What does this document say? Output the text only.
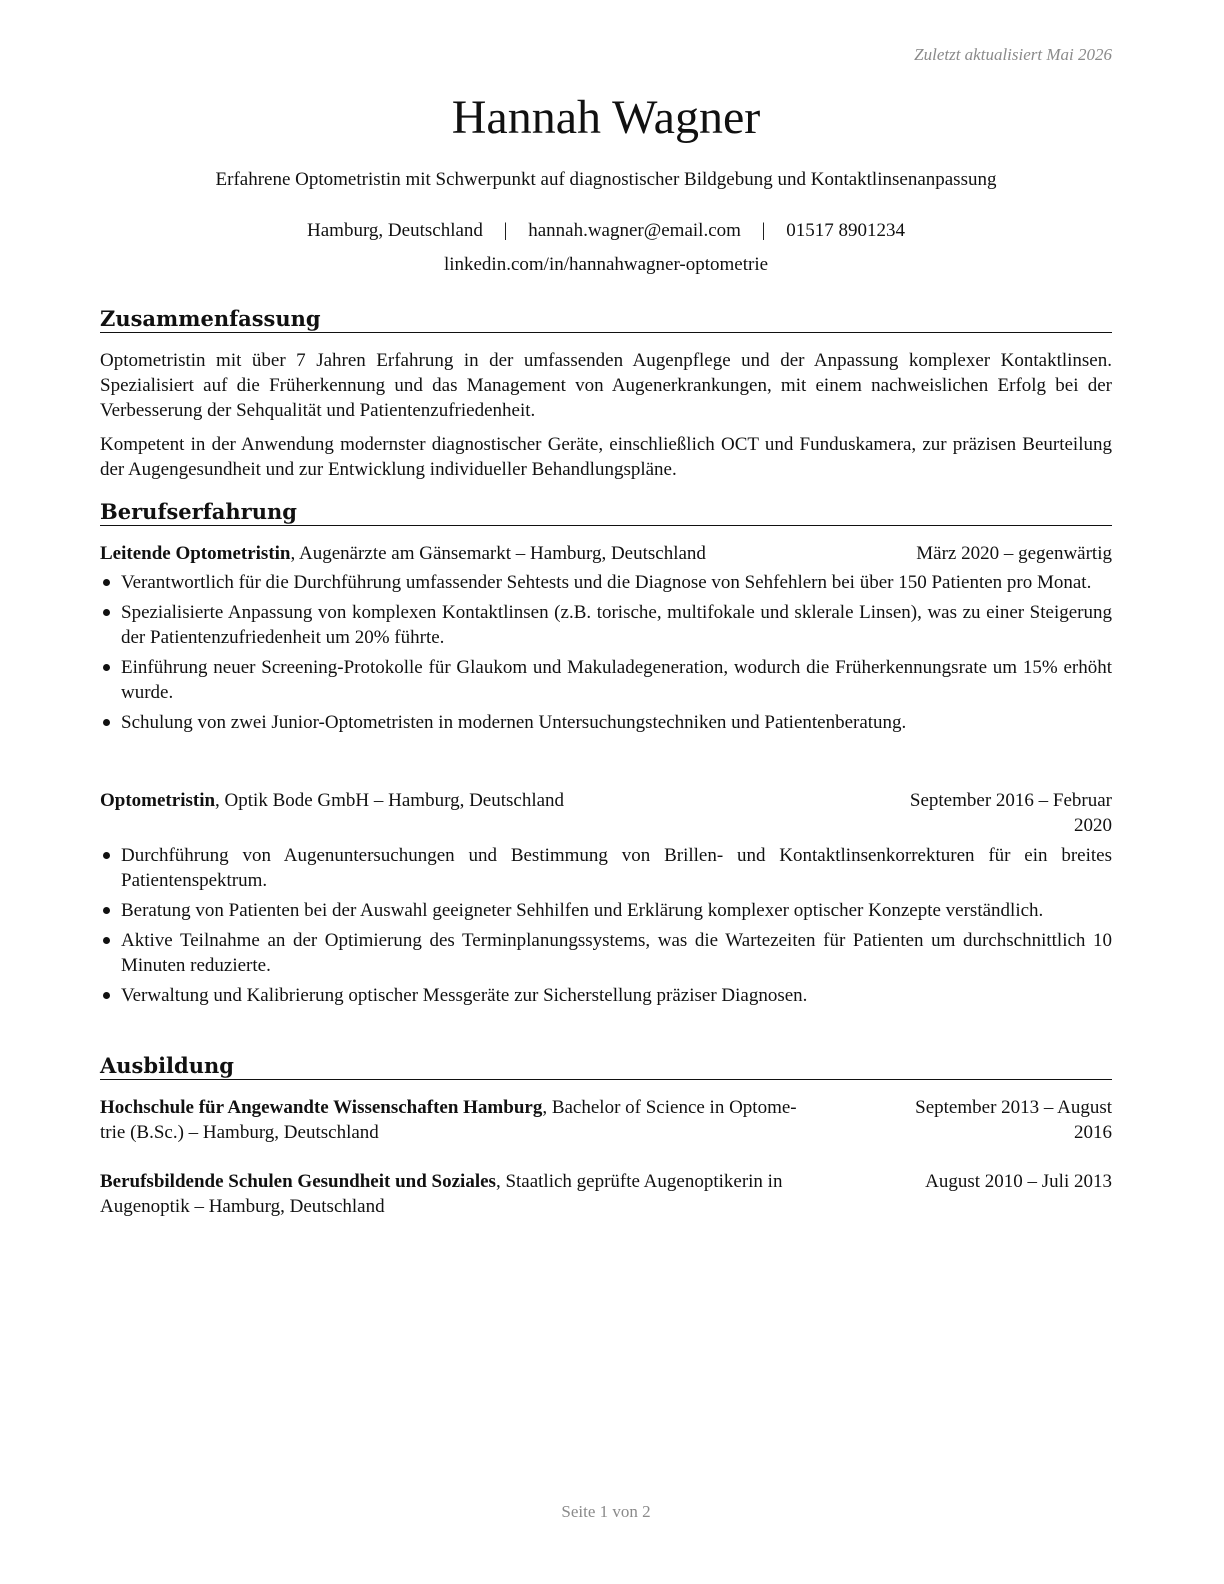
Zuletzt aktualisiert Mai 2026
Hannah Wagner
Erfahrene Optometristin mit Schwerpunkt auf diagnostischer Bildgebung und Kontaktlinsenanpassung
Hamburg, Deutschland | hannah.wagner@email.com | 01517 8901234
linkedin.com/in/hannahwagner-optometrie
Zusammenfassung
Optometristin mit über 7 Jahren Erfahrung in der umfassenden Augenpflege und der Anpassung komplexer Kontaktlinsen. Spezialisiert auf die Früherkennung und das Management von Augenerkrankungen, mit einem nachweislichen Erfolg bei der Verbesserung der Sehqualität und Patientenzufriedenheit.
Kompetent in der Anwendung modernster diagnostischer Geräte, einschließlich OCT und Funduskamera, zur präzisen Beurteilung der Augengesundheit und zur Entwicklung individueller Behandlungspläne.
Berufserfahrung
Leitende Optometristin, Augenärzte am Gänsemarkt – Hamburg, Deutschland	März 2020 – gegenwärtig
Verantwortlich für die Durchführung umfassender Sehtests und die Diagnose von Sehfehlern bei über 150 Patienten pro Monat.
Spezialisierte Anpassung von komplexen Kontaktlinsen (z.B. torische, multifokale und sklerale Linsen), was zu einer Steigerung der Patientenzufriedenheit um 20% führte.
Einführung neuer Screening-Protokolle für Glaukom und Makuladegeneration, wodurch die Früherkennungsrate um 15% erhöht wurde.
Schulung von zwei Junior-Optometristen in modernen Untersuchungstechniken und Patientenberatung.
Optometristin, Optik Bode GmbH – Hamburg, Deutschland	September 2016 – Februar
2020
Durchführung von Augenuntersuchungen und Bestimmung von Brillen- und Kontaktlinsenkorrekturen für ein breites Patientenspektrum.
Beratung von Patienten bei der Auswahl geeigneter Sehhilfen und Erklärung komplexer optischer Konzepte verständlich.
Aktive Teilnahme an der Optimierung des Terminplanungssystems, was die Wartezeiten für Patienten um durchschnittlich 10 Minuten reduzierte.
Verwaltung und Kalibrierung optischer Messgeräte zur Sicherstellung präziser Diagnosen.
Ausbildung
Hochschule für Angewandte Wissenschaften Hamburg, Bachelor of Science in Optome-
trie (B.Sc.) – Hamburg, Deutschland
September 2013 – August
2016
Berufsbildende Schulen Gesundheit und Soziales, Staatlich geprüfte Augenoptikerin in
Augenoptik – Hamburg, Deutschland
August 2010 – Juli 2013
Seite 1 von 2
